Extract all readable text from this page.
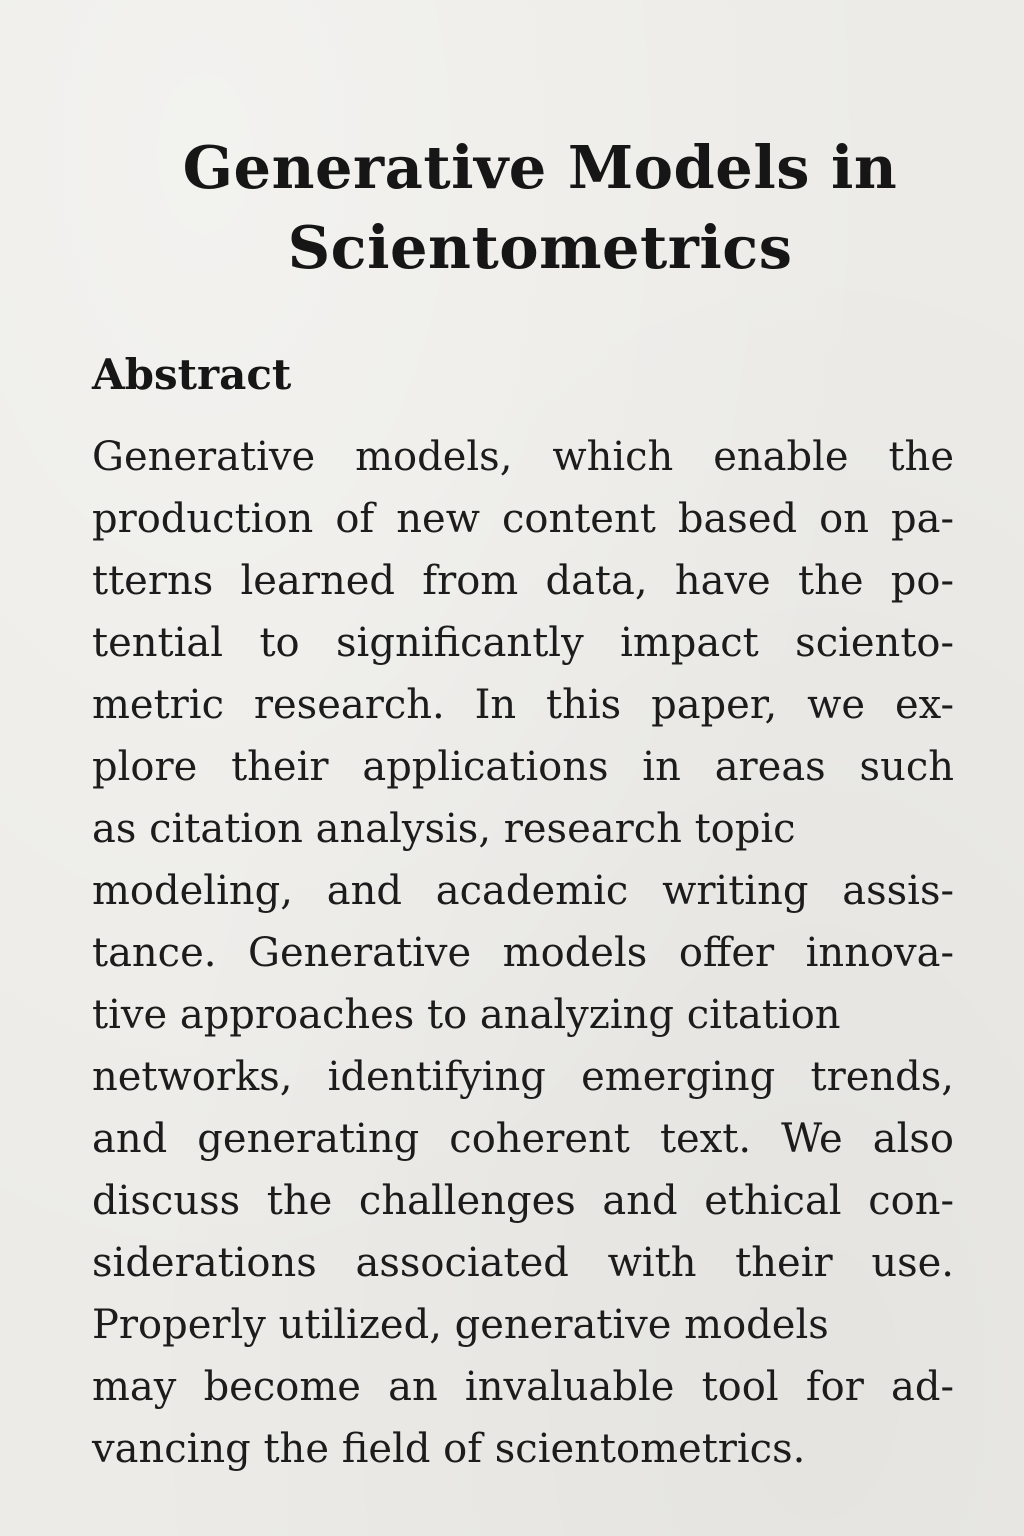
Generative Models in
Scientometrics
Abstract
Generative models, which enable the
production of new content based on pa-
tterns learned from data, have the po-
tential to significantly impact sciento-
metric research. In this paper, we ex-
plore their applications in areas such
as citation analysis, research topic
modeling, and academic writing assis-
tance. Generative models offer innova-
tive approaches to analyzing citation
networks, identifying emerging trends,
and generating coherent text. We also
discuss the challenges and ethical con-
siderations associated with their use.
Properly utilized, generative models
may become an invaluable tool for ad-
vancing the field of scientometrics.
